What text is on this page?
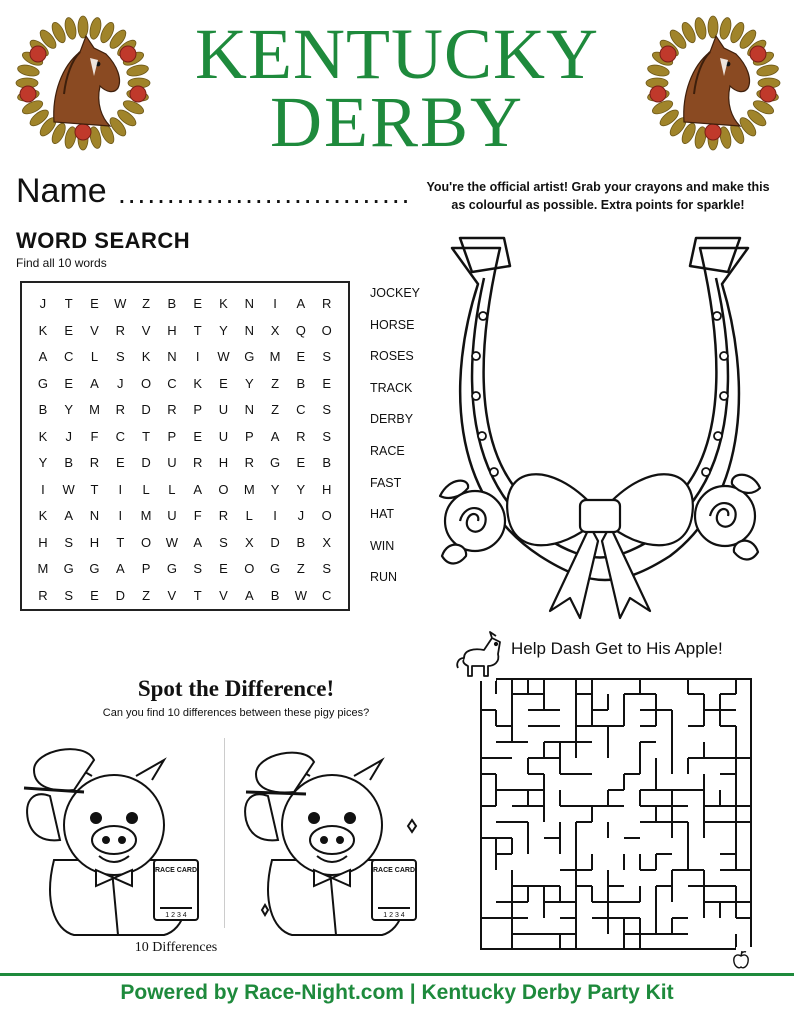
KENTUCKY
DERBY
Name ..............................	You're the official artist! Grab your crayons and make this as colourful as possible. Extra points for sparkle!
WORD SEARCH
Find all 10 words
J	T	E	W	Z	B	E	K	N	I	A	R
K	E	V	R	V	H	T	Y	N	X	Q	O
A	C	L	S	K	N	I	W	G	M	E	S
G	E	A	J	O	C	K	E	Y	Z	B	E
B	Y	M	R	D	R	P	U	N	Z	C	S
K	J	F	C	T	P	E	U	P	A	R	S
Y	B	R	E	D	U	R	H	R	G	E	B
I	W	T	I	L	L	A	O	M	Y	Y	H
K	A	N	I	M	U	F	R	L	I	J	O
H	S	H	T	O	W	A	S	X	D	B	X
M	G	G	A	P	G	S	E	O	G	Z	S
R	S	E	D	Z	V	T	V	A	B	W	C
JOCKEY
HORSE
ROSES
TRACK
DERBY
RACE
FAST
HAT
WIN
RUN
Spot the Difference!
Can you find 10 differences between these pigy pices?
RACE CARD
1 2 3 4
RACE CARD
1 2 3 4
10 Differences
Help Dash Get to His Apple!
Powered by Race-Night.com | Kentucky Derby Party Kit
